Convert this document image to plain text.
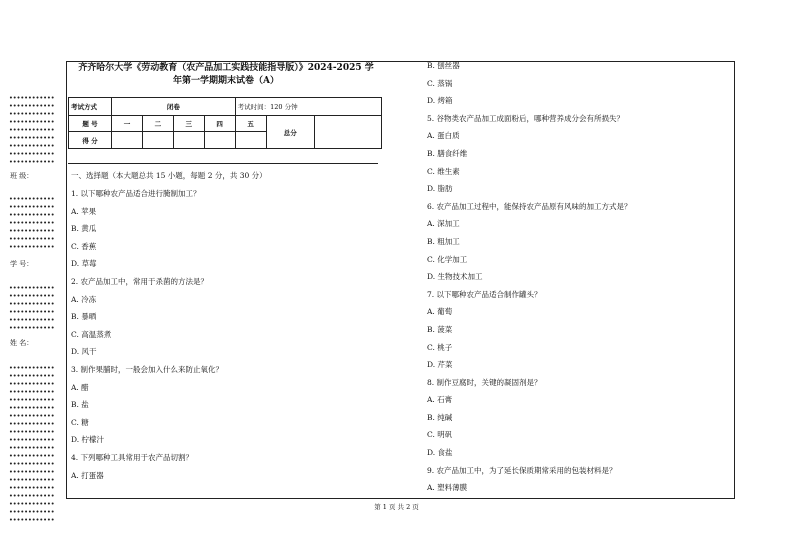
班 级：
学 号：
姓 名：
齐齐哈尔大学《劳动教育（农产品加工实践技能指导版）》2024-2025 学
年第一学期期末试卷（A）
考试方式	闭卷				考试时间：120 分钟		
题 号	一	二	三	四	五	总分	
得 分							
一、选择题（本大题总共 15 小题，每题 2 分，共 30 分）
1. 以下哪种农产品适合进行腌制加工？
A. 苹果
B. 黄瓜
C. 香蕉
D. 草莓
2. 农产品加工中，常用于杀菌的方法是？
A. 冷冻
B. 暴晒
C. 高温蒸煮
D. 风干
3. 制作果脯时，一般会加入什么来防止氧化？
A. 醋
B. 盐
C. 糖
D. 柠檬汁
4. 下列哪种工具常用于农产品切割？
A. 打蛋器
B. 刨丝器
C. 蒸锅
D. 烤箱
5. 谷物类农产品加工成面粉后，哪种营养成分会有所损失？
A. 蛋白质
B. 膳食纤维
C. 维生素
D. 脂肪
6. 农产品加工过程中，能保持农产品原有风味的加工方式是？
A. 深加工
B. 粗加工
C. 化学加工
D. 生物技术加工
7. 以下哪种农产品适合制作罐头？
A. 葡萄
B. 菠菜
C. 桃子
D. 芹菜
8. 制作豆腐时，关键的凝固剂是？
A. 石膏
B. 纯碱
C. 明矾
D. 食盐
9. 农产品加工中，为了延长保质期常采用的包装材料是？
A. 塑料薄膜
第 1 页 共 2 页
